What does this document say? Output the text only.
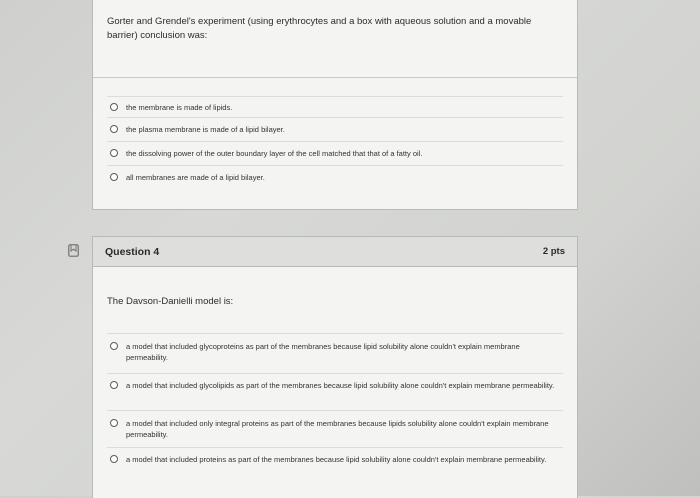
Gorter and Grendel's experiment (using erythrocytes and a box with aqueous solution and a movable barrier) conclusion was:
the membrane is made of lipids.
the plasma membrane is made of a lipid bilayer.
the dissolving power of the outer boundary layer of the cell matched that that of a fatty oil.
all membranes are made of a lipid bilayer.
Question 4	2 pts
The Davson-Danielli model is:
a model that included glycoproteins as part of the membranes because lipid solubility alone couldn't explain membrane permeability.
a model that included glycolipids as part of the membranes because lipid solubility alone couldn't explain membrane permeability.
a model that included only integral proteins as part of the membranes because lipids solubility alone couldn't explain membrane permeability.
a model that included proteins as part of the membranes because lipid solubility alone couldn't explain membrane permeability.
